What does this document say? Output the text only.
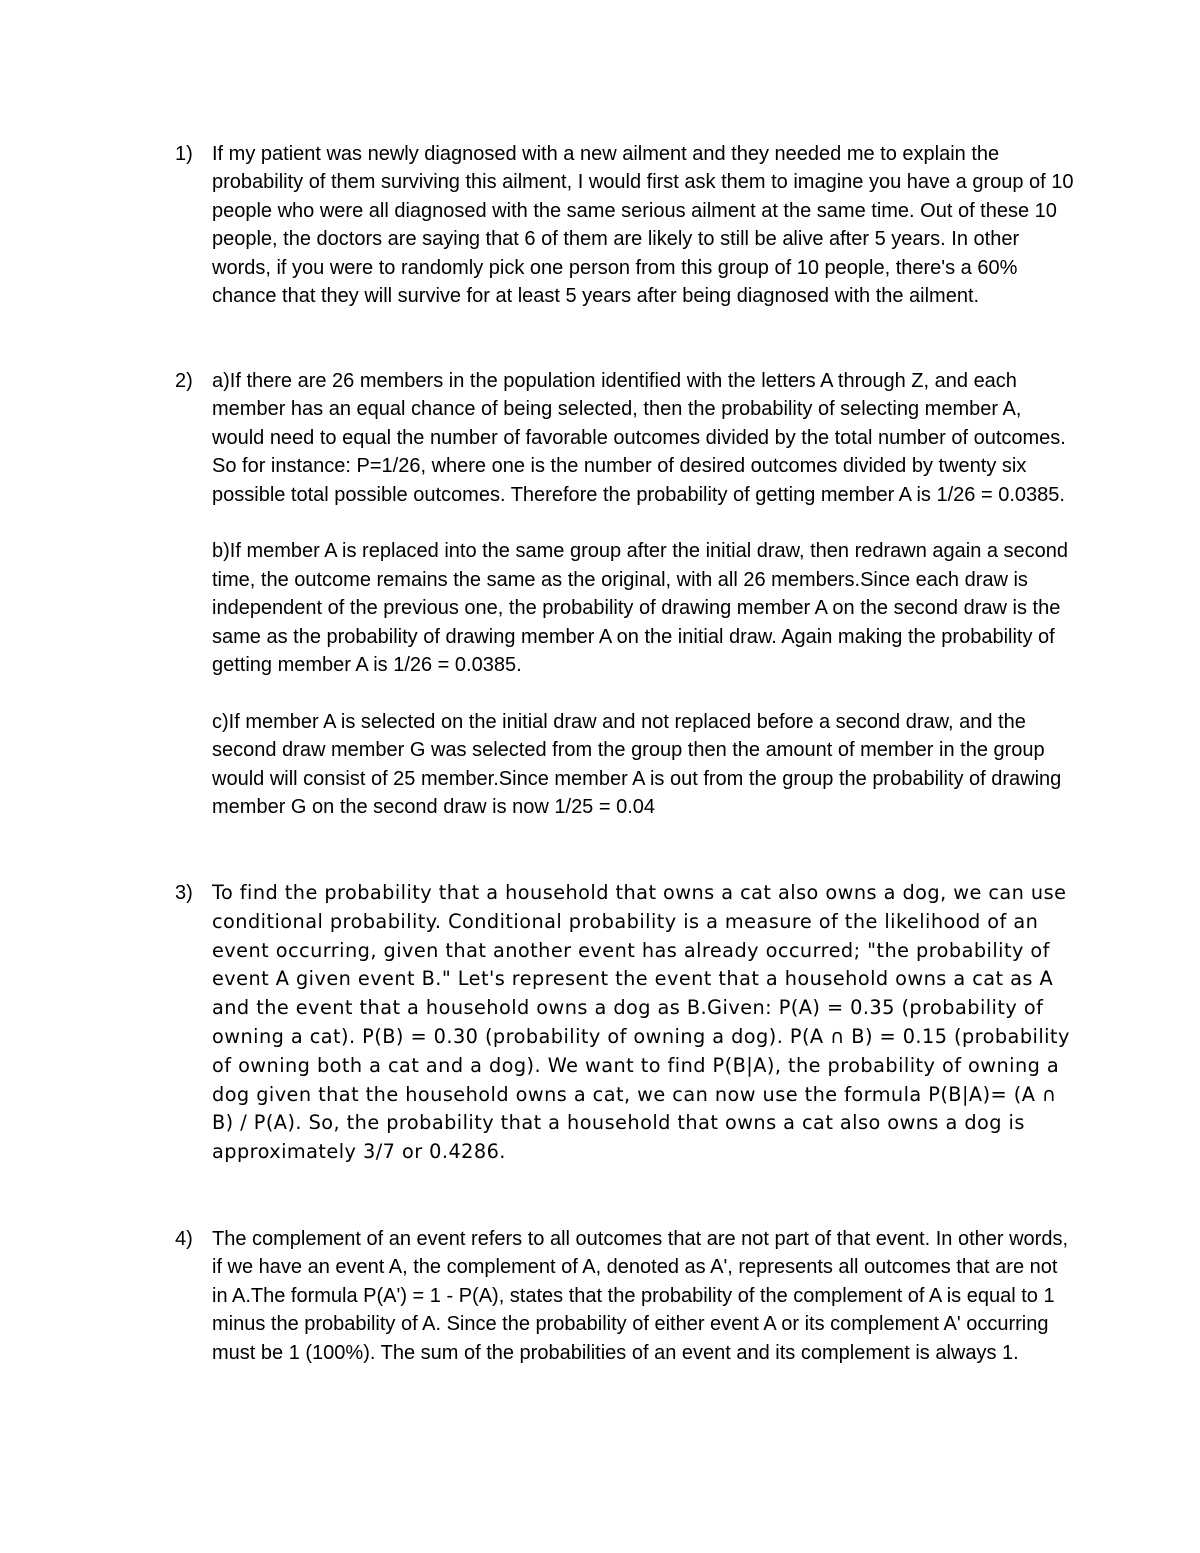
1) If my patient was newly diagnosed with a new ailment and they needed me to explain the probability of them surviving this ailment, I would first ask them to imagine you have a group of 10 people who were all diagnosed with the same serious ailment at the same time. Out of these 10 people, the doctors are saying that 6 of them are likely to still be alive after 5 years. In other words, if you were to randomly pick one person from this group of 10 people, there's a 60% chance that they will survive for at least 5 years after being diagnosed with the ailment.

2) a)If there are 26 members in the population identified with the letters A through Z, and each member has an equal chance of being selected, then the probability of selecting member A, would need to equal the number of favorable outcomes divided by the total number of outcomes. So for instance: P=1/26, where one is the number of desired outcomes divided by twenty six possible total possible outcomes. Therefore the probability of getting member A is 1/26 = 0.0385.

b)If member A is replaced into the same group after the initial draw, then redrawn again a second time, the outcome remains the same as the original, with all 26 members.Since each draw is independent of the previous one, the probability of drawing member A on the second draw is the same as the probability of drawing member A on the initial draw. Again making the probability of getting member A is 1/26 = 0.0385.

c)If member A is selected on the initial draw and not replaced before a second draw, and the second draw member G was selected from the group then the amount of member in the group would will consist of 25 member.Since member A is out from the group the probability of drawing member G on the second draw is now 1/25 = 0.04

3) To find the probability that a household that owns a cat also owns a dog, we can use conditional probability. Conditional probability is a measure of the likelihood of an event occurring, given that another event has already occurred; "the probability of event A given event B." Let's represent the event that a household owns a cat as A and the event that a household owns a dog as B.Given: P(A) = 0.35 (probability of owning a cat). P(B) = 0.30 (probability of owning a dog). P(A ∩ B) = 0.15 (probability of owning both a cat and a dog). We want to find P(B|A), the probability of owning a dog given that the household owns a cat, we can now use the formula P(B|A)= (A ∩ B) / P(A). So, the probability that a household that owns a cat also owns a dog is approximately 3/7 or 0.4286.

4) The complement of an event refers to all outcomes that are not part of that event. In other words, if we have an event A, the complement of A, denoted as A', represents all outcomes that are not in A.The formula P(A') = 1 - P(A), states that the probability of the complement of A is equal to 1 minus the probability of A. Since the probability of either event A or its complement A' occurring must be 1 (100%). The sum of the probabilities of an event and its complement is always 1.
